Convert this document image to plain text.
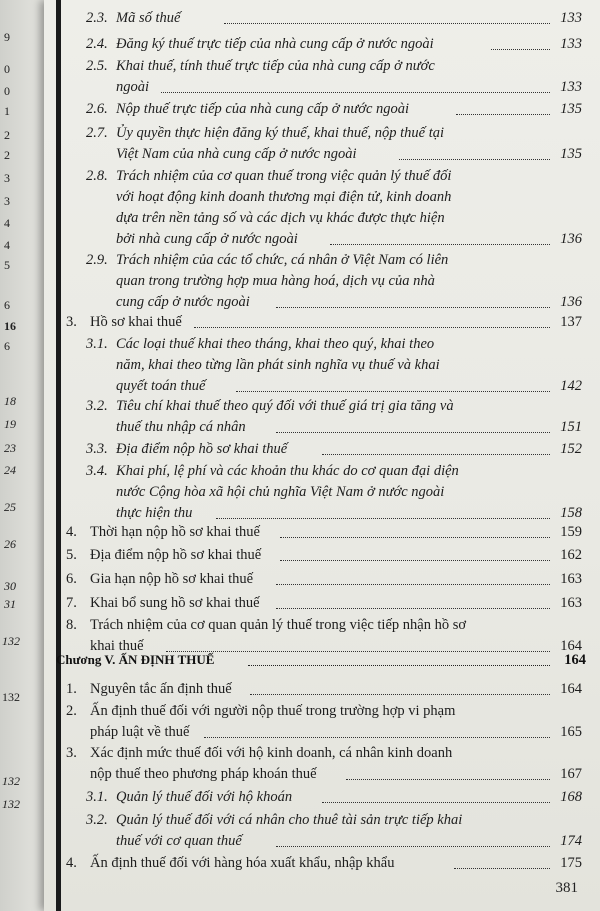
9
0
0
1
2
2
3
3
4
4
5
6
16
6
18
19
23
24
25
26
30
31
132
132
132
132
Chương V. ẤN ĐỊNH THUẾ	164
381
2.3. Mã số thuế	133
2.4. Đăng ký thuế trực tiếp của nhà cung cấp ở nước ngoài	133
2.5. Khai thuế, tính thuế trực tiếp của nhà cung cấp ở nước
ngoài	133
2.6. Nộp thuế trực tiếp của nhà cung cấp ở nước ngoài	135
2.7. Ủy quyền thực hiện đăng ký thuế, khai thuế, nộp thuế tại
Việt Nam của nhà cung cấp ở nước ngoài	135
2.8. Trách nhiệm của cơ quan thuế trong việc quản lý thuế đối
với hoạt động kinh doanh thương mại điện tử, kinh doanh
dựa trên nền tảng số và các dịch vụ khác được thực hiện
bởi nhà cung cấp ở nước ngoài	136
2.9. Trách nhiệm của các tổ chức, cá nhân ở Việt Nam có liên
quan trong trường hợp mua hàng hoá, dịch vụ của nhà
cung cấp ở nước ngoài	136
3. Hồ sơ khai thuế	137
3.1. Các loại thuế khai theo tháng, khai theo quý, khai theo
năm, khai theo từng lần phát sinh nghĩa vụ thuế và khai
quyết toán thuế	142
3.2. Tiêu chí khai thuế theo quý đối với thuế giá trị gia tăng và
thuế thu nhập cá nhân	151
3.3. Địa điểm nộp hồ sơ khai thuế	152
3.4. Khai phí, lệ phí và các khoản thu khác do cơ quan đại diện
nước Cộng hòa xã hội chủ nghĩa Việt Nam ở nước ngoài
thực hiện thu	158
4. Thời hạn nộp hồ sơ khai thuế	159
5. Địa điểm nộp hồ sơ khai thuế	162
6. Gia hạn nộp hồ sơ khai thuế	163
7. Khai bổ sung hồ sơ khai thuế	163
8. Trách nhiệm của cơ quan quản lý thuế trong việc tiếp nhận hồ sơ
khai thuế	164
1. Nguyên tắc ấn định thuế	164
2. Ấn định thuế đối với người nộp thuế trong trường hợp vi phạm
pháp luật về thuế	165
3. Xác định mức thuế đối với hộ kinh doanh, cá nhân kinh doanh
nộp thuế theo phương pháp khoán thuế	167
3.1. Quản lý thuế đối với hộ khoán	168
3.2. Quản lý thuế đối với cá nhân cho thuê tài sản trực tiếp khai
thuế với cơ quan thuế	174
4. Ấn định thuế đối với hàng hóa xuất khẩu, nhập khẩu	175
